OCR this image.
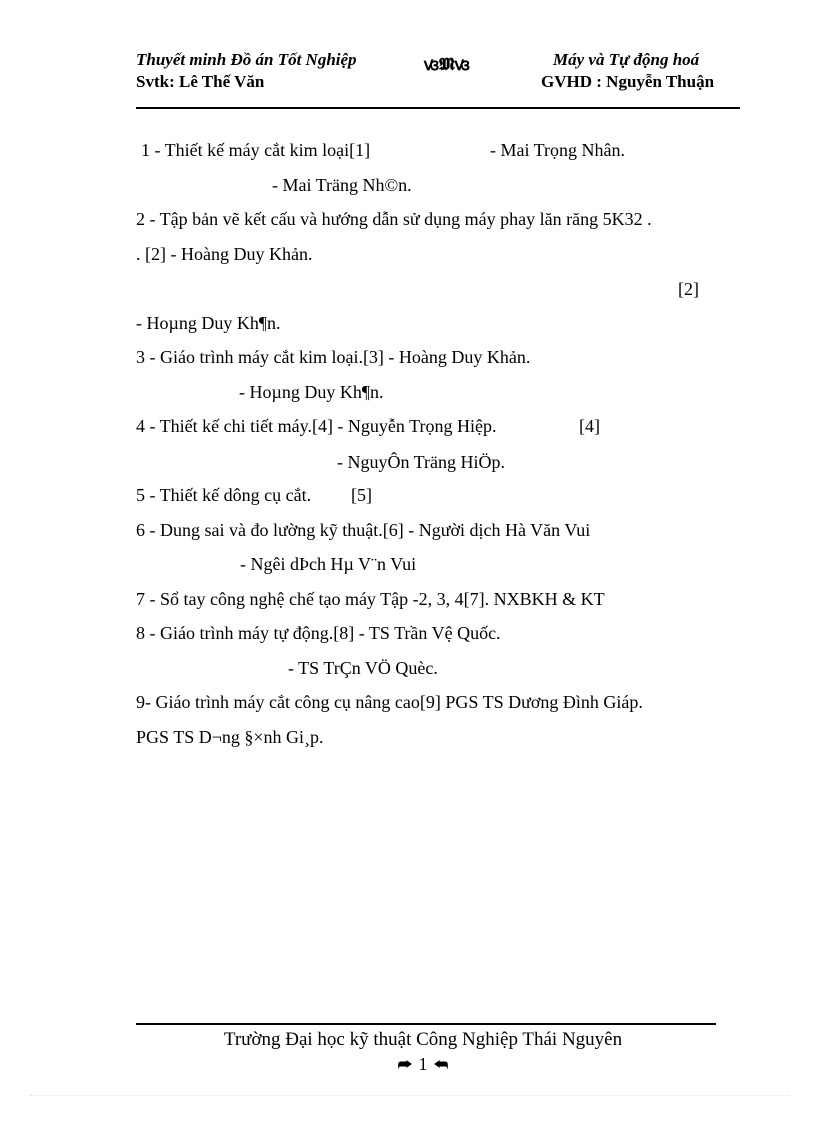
Thuyết minh Đồ án Tốt Nghiệp
Svtk: Lê Thế Văn
ꟃ𝕸ꟃ	Máy và Tự động hoá
GVHD : Nguyễn Thuận
1 - Thiết kế máy cắt kim loại[1]	- Mai Trọng Nhân.
- Mai Träng Nh©n.
2 - Tập bản vẽ kết cấu và hướng dẫn sử dụng máy phay lăn răng 5K32 .
. [2] - Hoàng Duy Khản.
[2]
- Hoµng Duy Kh¶n.
3 - Giáo trình máy cắt kim loại.[3] - Hoàng Duy Khản.
- Hoµng Duy Kh¶n.
4 - Thiết kế chi tiết máy.[4] - Nguyễn Trọng Hiệp.	[4]
- NguyÔn Träng HiÖp.
5 - Thiết kế dông cụ cắt. [5]
6 - Dung sai và đo lường kỹ thuật.[6] - Người dịch Hà Văn Vui
- Ngêi dÞch Hµ V¨n Vui
7 - Sổ tay công nghệ chế tạo máy Tập -2, 3, 4[7]. NXBKH & KT
8 - Giáo trình máy tự động.[8] - TS Trần Vệ Quốc.
- TS TrÇn VÖ Quèc.
9- Giáo trình máy cắt công cụ nâng cao[9] PGS TS Dương Đình Giáp.
PGS TS D¬ng §×nh Gi¸p.
Trường Đại học kỹ thuật Công Nghiệp Thái Nguyên
⮫ 1 ⮪
